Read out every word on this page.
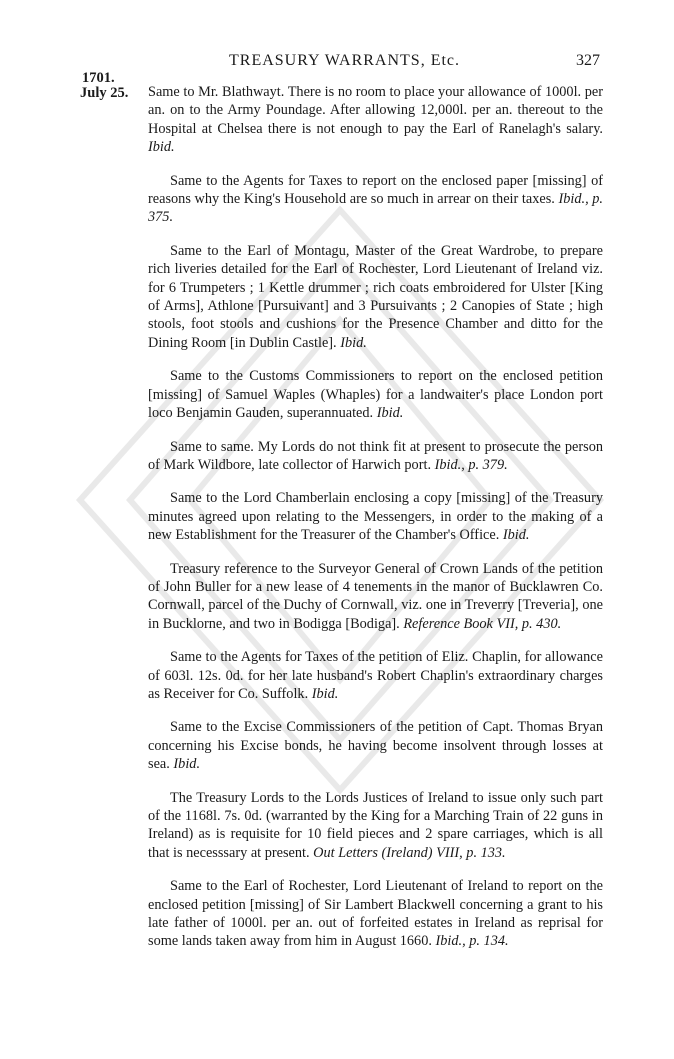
TREASURY WARRANTS, Etc.	327
1701.
July 25. Same to Mr. Blathwayt. There is no room to place your allowance of 1000l. per an. on to the Army Poundage. After allowing 12,000l. per an. thereout to the Hospital at Chelsea there is not enough to pay the Earl of Ranelagh's salary. Ibid.

Same to the Agents for Taxes to report on the enclosed paper [missing] of reasons why the King's Household are so much in arrear on their taxes. Ibid., p. 375.

Same to the Earl of Montagu, Master of the Great Wardrobe, to prepare rich liveries detailed for the Earl of Rochester, Lord Lieutenant of Ireland viz. for 6 Trumpeters ; 1 Kettle drummer ; rich coats embroidered for Ulster [King of Arms], Athlone [Pursuivant] and 3 Pursuivants ; 2 Canopies of State ; high stools, foot stools and cushions for the Presence Chamber and ditto for the Dining Room [in Dublin Castle]. Ibid.

Same to the Customs Commissioners to report on the enclosed petition [missing] of Samuel Waples (Whaples) for a landwaiter's place London port loco Benjamin Gauden, superannuated. Ibid.

Same to same. My Lords do not think fit at present to prosecute the person of Mark Wildbore, late collector of Harwich port. Ibid., p. 379.

Same to the Lord Chamberlain enclosing a copy [missing] of the Treasury minutes agreed upon relating to the Messengers, in order to the making of a new Establishment for the Treasurer of the Chamber's Office. Ibid.

Treasury reference to the Surveyor General of Crown Lands of the petition of John Buller for a new lease of 4 tenements in the manor of Bucklawren Co. Cornwall, parcel of the Duchy of Cornwall, viz. one in Treverry [Treveria], one in Bucklorne, and two in Bodigga [Bodiga]. Reference Book VII, p. 430.

Same to the Agents for Taxes of the petition of Eliz. Chaplin, for allowance of 603l. 12s. 0d. for her late husband's Robert Chaplin's extraordinary charges as Receiver for Co. Suffolk. Ibid.

Same to the Excise Commissioners of the petition of Capt. Thomas Bryan concerning his Excise bonds, he having become insolvent through losses at sea. Ibid.

The Treasury Lords to the Lords Justices of Ireland to issue only such part of the 1168l. 7s. 0d. (warranted by the King for a Marching Train of 22 guns in Ireland) as is requisite for 10 field pieces and 2 spare carriages, which is all that is necesssary at present. Out Letters (Ireland) VIII, p. 133.

Same to the Earl of Rochester, Lord Lieutenant of Ireland to report on the enclosed petition [missing] of Sir Lambert Blackwell concerning a grant to his late father of 1000l. per an. out of forfeited estates in Ireland as reprisal for some lands taken away from him in August 1660. Ibid., p. 134.
